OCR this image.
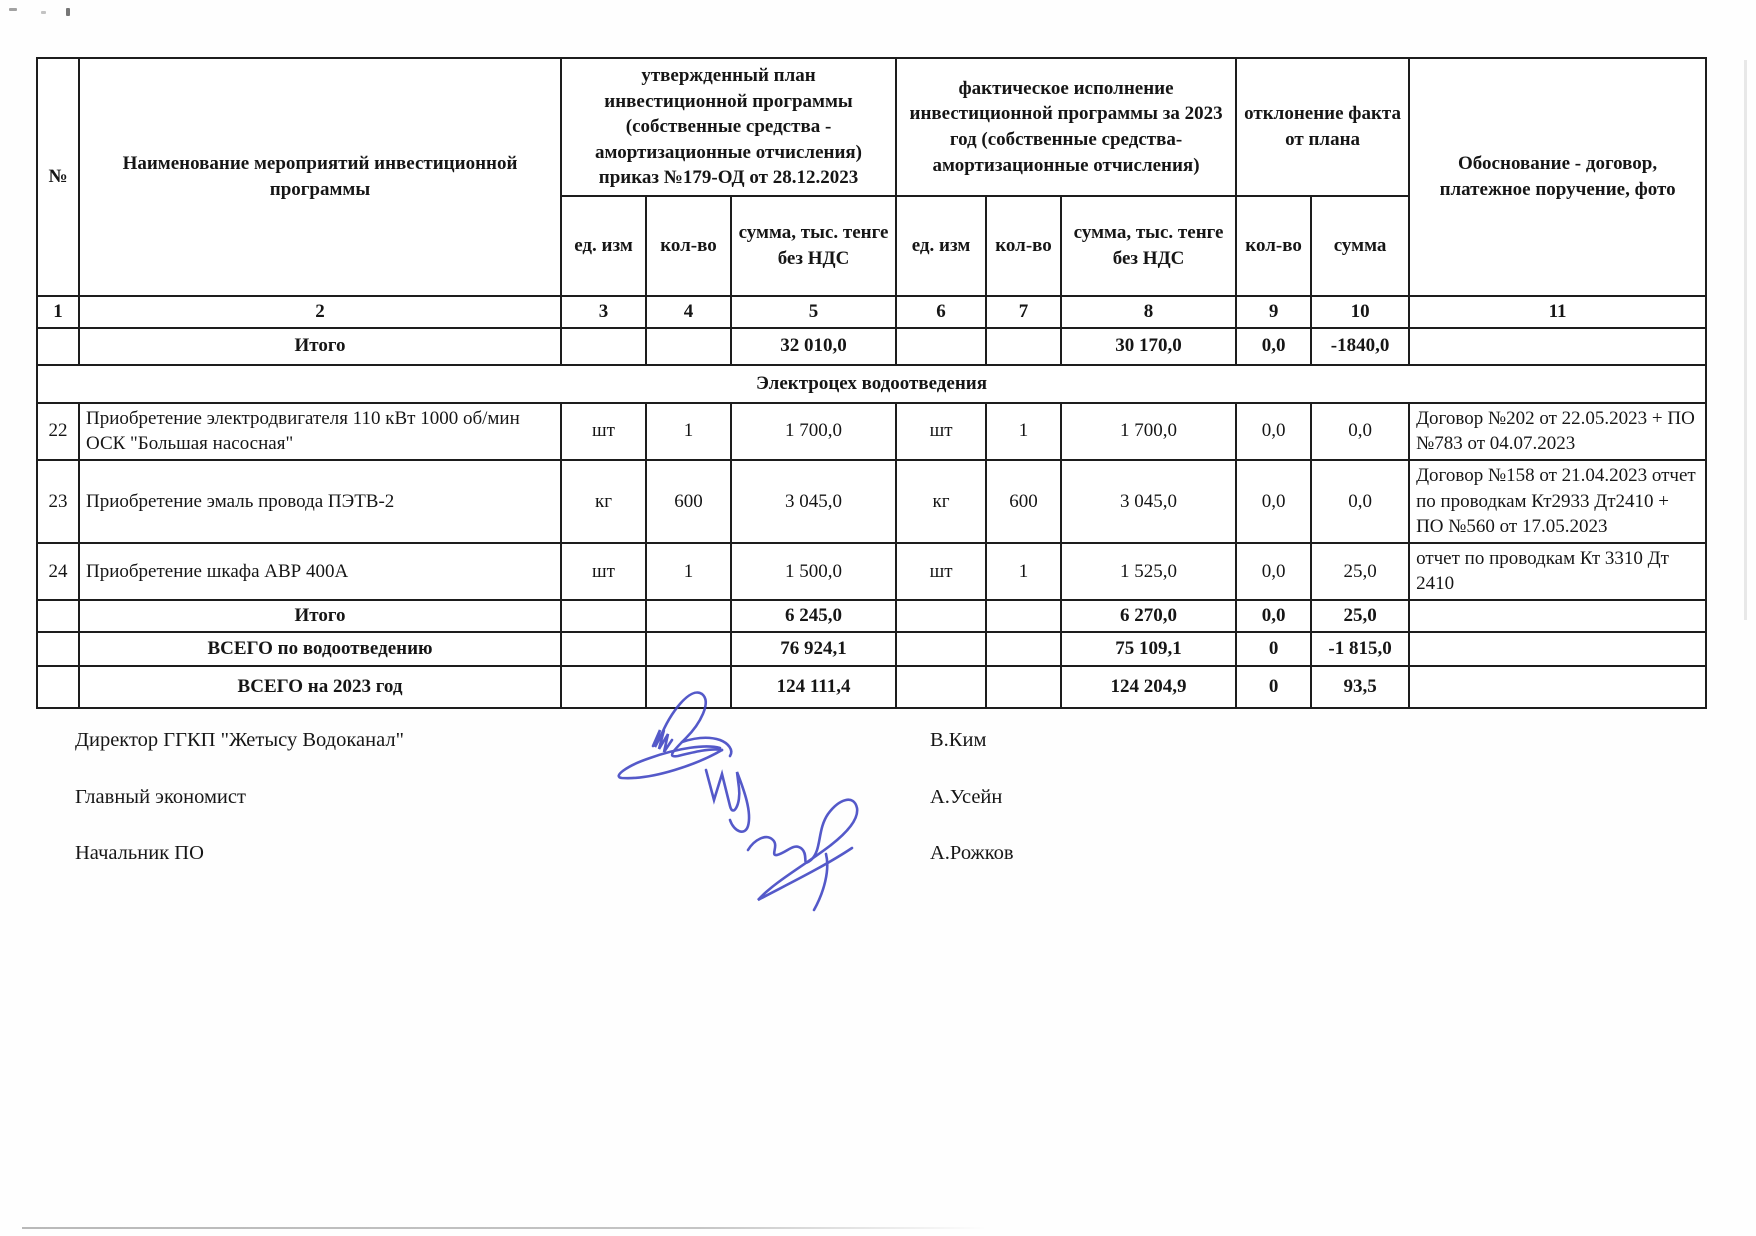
№	Наименование мероприятий инвестиционной программы	утвержденный план инвестиционной программы (собственные средства - амортизационные отчисления) приказ №179-ОД от 28.12.2023			фактическое исполнение инвестиционной программы за 2023 год (собственные средства- амортизационные отчисления)			отклонение факта от плана		Обоснование - договор, платежное поручение, фото
		ед. изм	кол-во	сумма, тыс. тенге без НДС	ед. изм	кол-во	сумма, тыс. тенге без НДС	кол-во	сумма	
1	2	3	4	5	6	7	8	9	10	11
	Итого			32 010,0			30 170,0	0,0	-1840,0	
Электроцех водоотведения										
22	Приобретение электродвигателя 110 кВт 1000 об/мин ОСК "Большая насосная"	шт	1	1 700,0	шт	1	1 700,0	0,0	0,0	Договор №202 от 22.05.2023 + ПО №783 от 04.07.2023
23	Приобретение эмаль провода ПЭТВ-2	кг	600	3 045,0	кг	600	3 045,0	0,0	0,0	Договор №158 от 21.04.2023 отчет по проводкам Кт2933 Дт2410 + ПО №560 от 17.05.2023
24	Приобретение шкафа АВР 400А	шт	1	1 500,0	шт	1	1 525,0	0,0	25,0	отчет по проводкам Кт 3310 Дт 2410
	Итого			6 245,0			6 270,0	0,0	25,0	
	ВСЕГО по водоотведению			76 924,1			75 109,1	0	-1 815,0	
	ВСЕГО на 2023 год			124 111,4			124 204,9	0	93,5	
Директор ГГКП "Жетысу Водоканал"	В.Ким
Главный экономист	А.Усейн
Начальник ПО	А.Рожков
